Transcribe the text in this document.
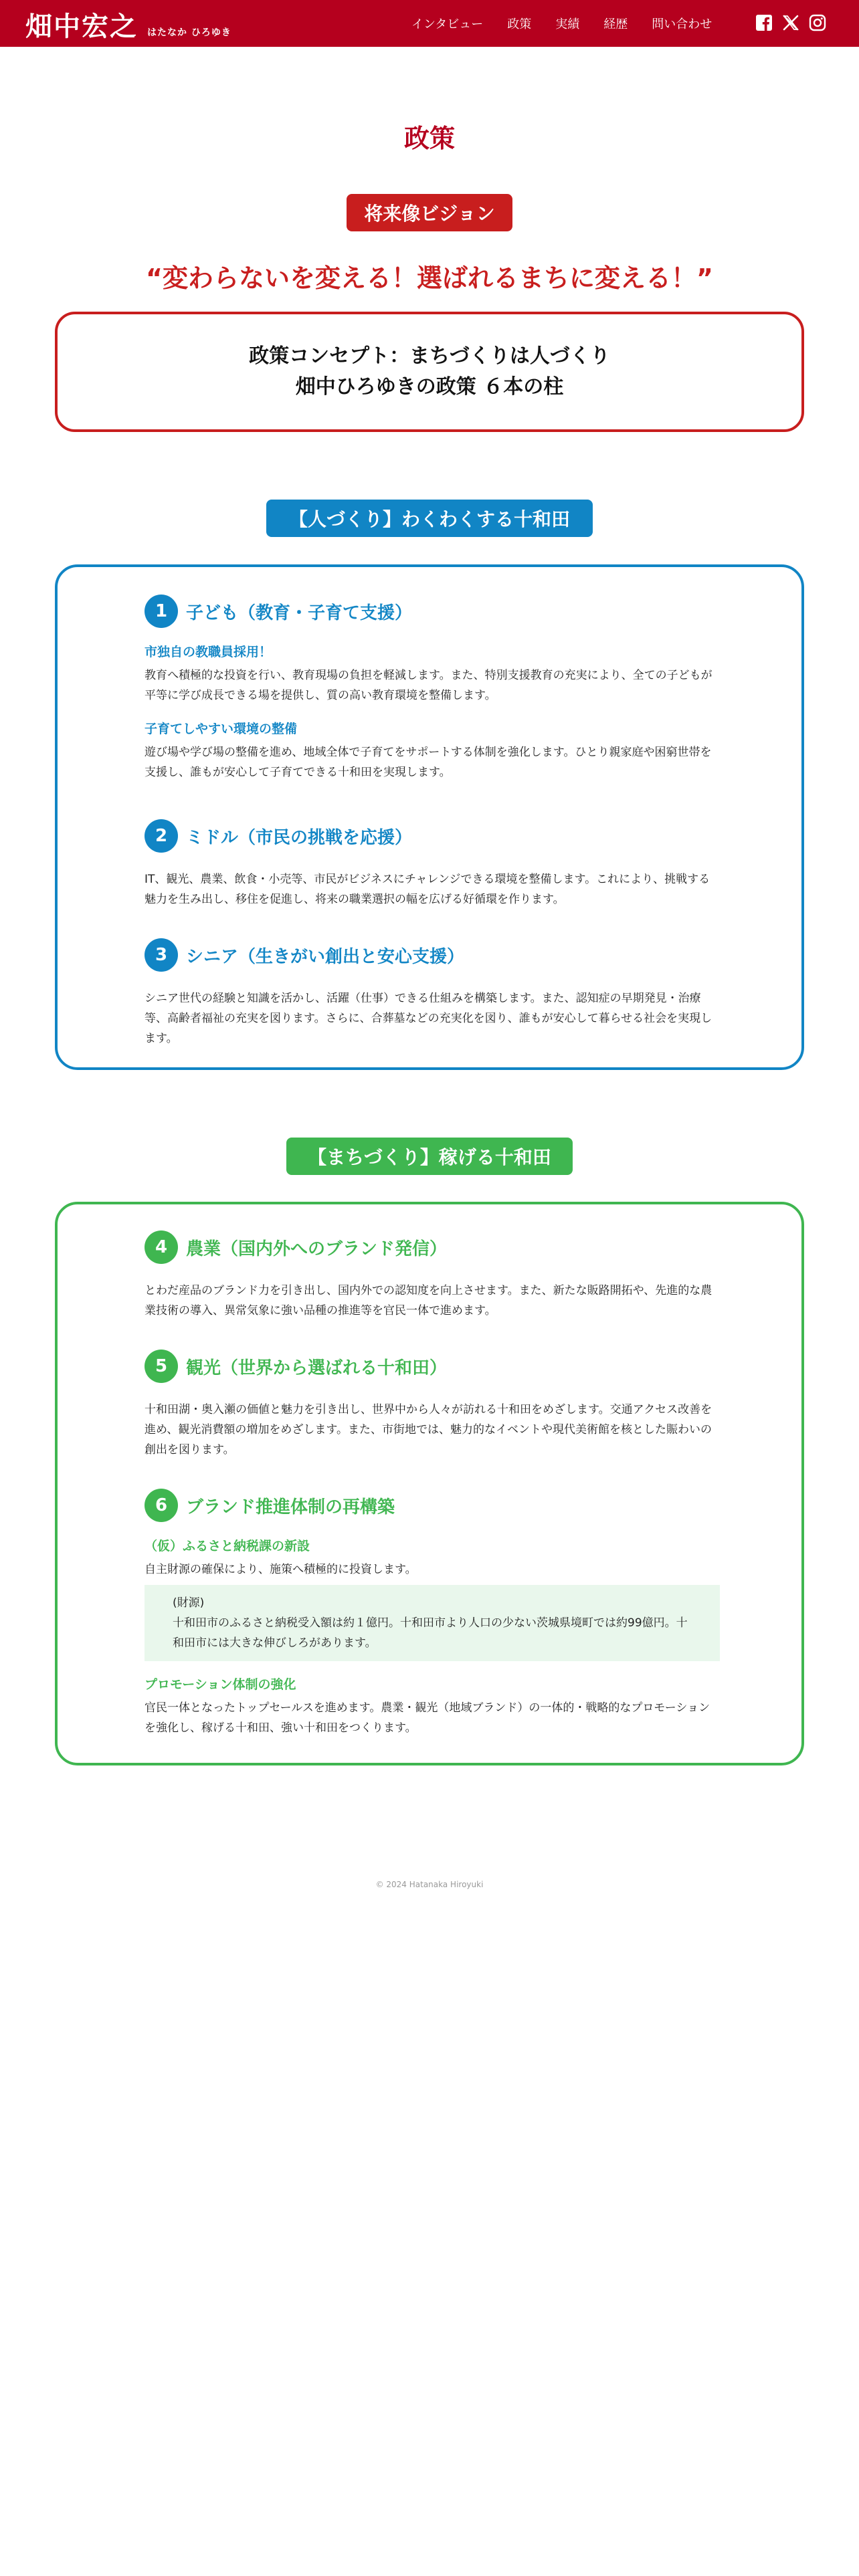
畑中宏之 はたなか ひろゆき
インタビュー 政策 実績 経歴 問い合わせ
政策
将来像ビジョン
“変わらないを変える！選ばれるまちに変える！”
政策コンセプト：まちづくりは人づくり
畑中ひろゆきの政策 ６本の柱
【人づくり】わくわくする十和田
1	子ども（教育・子育て支援）
市独自の教職員採用！

教育へ積極的な投資を行い、教育現場の負担を軽減します。また、特別支援教育の充実により、全ての子どもが平等に学び成長できる場を提供し、質の高い教育環境を整備します。

子育てしやすい環境の整備

遊び場や学び場の整備を進め、地域全体で子育てをサポートする体制を強化します。ひとり親家庭や困窮世帯を支援し、誰もが安心して子育てできる十和田を実現します。

2	ミドル（市民の挑戦を応援）

IT、観光、農業、飲食・小売等、市民がビジネスにチャレンジできる環境を整備します。これにより、挑戦する魅力を生み出し、移住を促進し、将来の職業選択の幅を広げる好循環を作ります。

3	シニア（生きがい創出と安心支援）

シニア世代の経験と知識を活かし、活躍（仕事）できる仕組みを構築します。また、認知症の早期発見・治療等、高齢者福祉の充実を図ります。さらに、合葬墓などの充実化を図り、誰もが安心して暮らせる社会を実現します。

【まちづくり】稼げる十和田
4	農業（国内外へのブランド発信）

とわだ産品のブランド力を引き出し、国内外での認知度を向上させます。また、新たな販路開拓や、先進的な農業技術の導入、異常気象に強い品種の推進等を官民一体で進めます。

5	観光（世界から選ばれる十和田）

十和田湖・奥入瀬の価値と魅力を引き出し、世界中から人々が訪れる十和田をめざします。交通アクセス改善を進め、観光消費額の増加をめざします。また、市街地では、魅力的なイベントや現代美術館を核とした賑わいの創出を図ります。

6	ブランド推進体制の再構築
（仮）ふるさと納税課の新設

自主財源の確保により、施策へ積極的に投資します。

(財源)
十和田市のふるさと納税受入額は約１億円。十和田市より人口の少ない茨城県境町では約99億円。十和田市には大きな伸びしろがあります。
プロモーション体制の強化

官民一体となったトップセールスを進めます。農業・観光（地域ブランド）の一体的・戦略的なプロモーションを強化し、稼げる十和田、強い十和田をつくります。

© 2024 Hatanaka Hiroyuki
